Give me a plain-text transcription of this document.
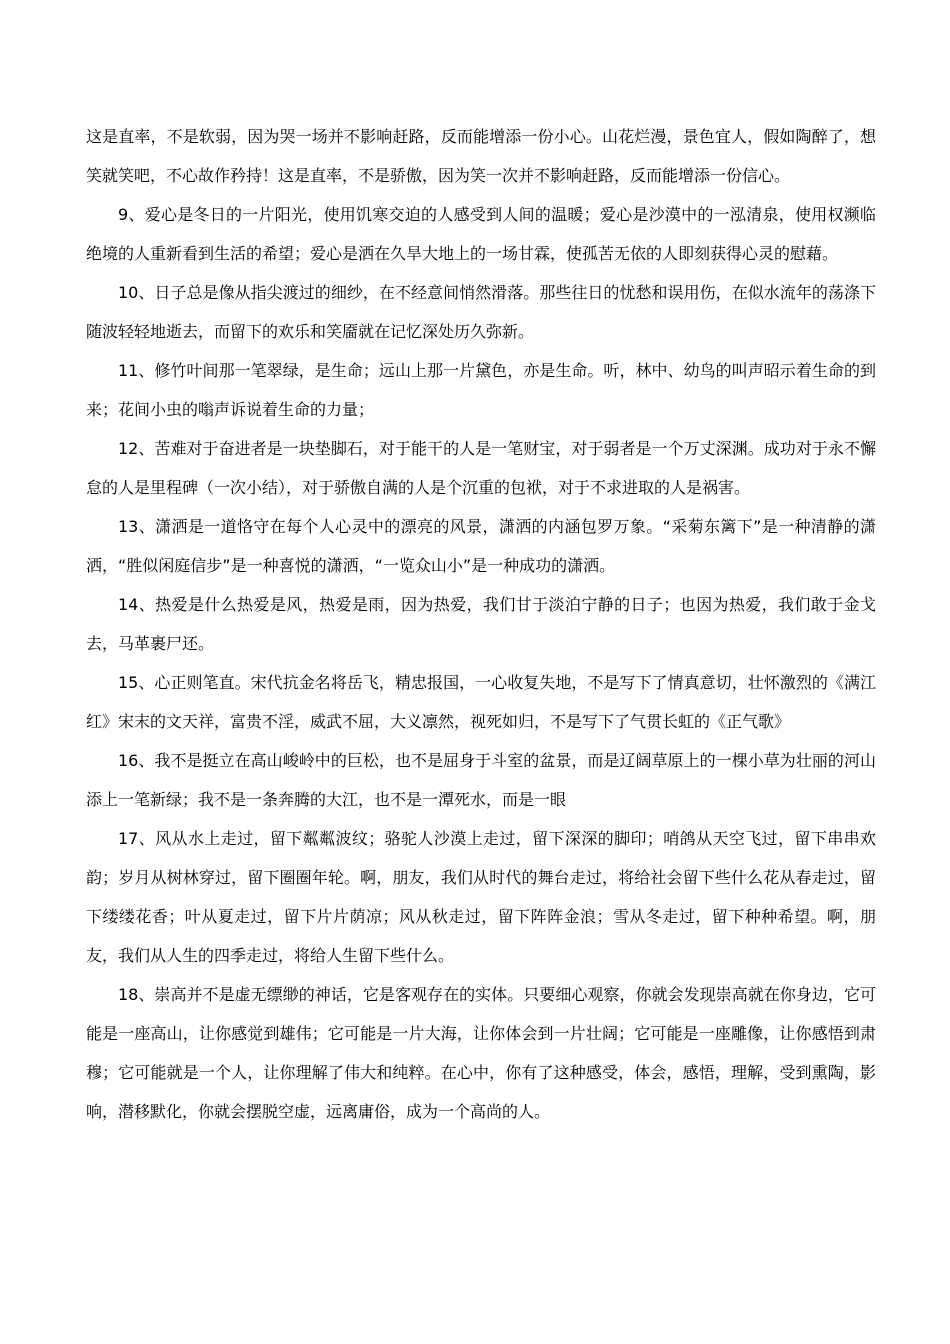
这是直率，不是软弱，因为哭一场并不影响赶路，反而能增添一份小心。山花烂漫，景色宜人，假如陶醉了，想笑就笑吧，不心故作矜持！这是直率，不是骄傲，因为笑一次并不影响赶路，反而能增添一份信心。

9、爱心是冬日的一片阳光，使用饥寒交迫的人感受到人间的温暖；爱心是沙漠中的一泓清泉，使用权濒临绝境的人重新看到生活的希望；爱心是洒在久旱大地上的一场甘霖，使孤苦无依的人即刻获得心灵的慰藉。

10、日子总是像从指尖渡过的细纱，在不经意间悄然滑落。那些往日的忧愁和误用伤，在似水流年的荡涤下随波轻轻地逝去，而留下的欢乐和笑靥就在记忆深处历久弥新。

11、修竹叶间那一笔翠绿，是生命；远山上那一片黛色，亦是生命。听，林中、幼鸟的叫声昭示着生命的到来；花间小虫的嗡声诉说着生命的力量；

12、苦难对于奋进者是一块垫脚石，对于能干的人是一笔财宝，对于弱者是一个万丈深渊。成功对于永不懈怠的人是里程碑（一次小结），对于骄傲自满的人是个沉重的包袱，对于不求进取的人是祸害。

13、潇洒是一道恪守在每个人心灵中的漂亮的风景，潇洒的内涵包罗万象。“采菊东篱下”是一种清静的潇洒，“胜似闲庭信步”是一种喜悦的潇洒，“一览众山小”是一种成功的潇洒。

14、热爱是什么热爱是风，热爱是雨，因为热爱，我们甘于淡泊宁静的日子；也因为热爱，我们敢于金戈去，马革裹尸还。

15、心正则笔直。宋代抗金名将岳飞，精忠报国，一心收复失地，不是写下了情真意切，壮怀激烈的《满江红》宋末的文天祥，富贵不淫，威武不屈，大义凛然，视死如归，不是写下了气贯长虹的《正气歌》

16、我不是挺立在高山峻岭中的巨松，也不是屈身于斗室的盆景，而是辽阔草原上的一棵小草为壮丽的河山添上一笔新绿；我不是一条奔腾的大江，也不是一潭死水，而是一眼

17、风从水上走过，留下粼粼波纹；骆驼人沙漠上走过，留下深深的脚印；哨鸽从天空飞过，留下串串欢韵；岁月从树林穿过，留下圈圈年轮。啊，朋友，我们从时代的舞台走过，将给社会留下些什么花从春走过，留下缕缕花香；叶从夏走过，留下片片荫凉；风从秋走过，留下阵阵金浪；雪从冬走过，留下种种希望。啊，朋友，我们从人生的四季走过，将给人生留下些什么。

18、崇高并不是虚无缥缈的神话，它是客观存在的实体。只要细心观察，你就会发现崇高就在你身边，它可能是一座高山，让你感觉到雄伟；它可能是一片大海，让你体会到一片壮阔；它可能是一座雕像，让你感悟到肃穆；它可能就是一个人，让你理解了伟大和纯粹。在心中，你有了这种感受，体会，感悟，理解，受到熏陶，影响，潜移默化，你就会摆脱空虚，远离庸俗，成为一个高尚的人。
